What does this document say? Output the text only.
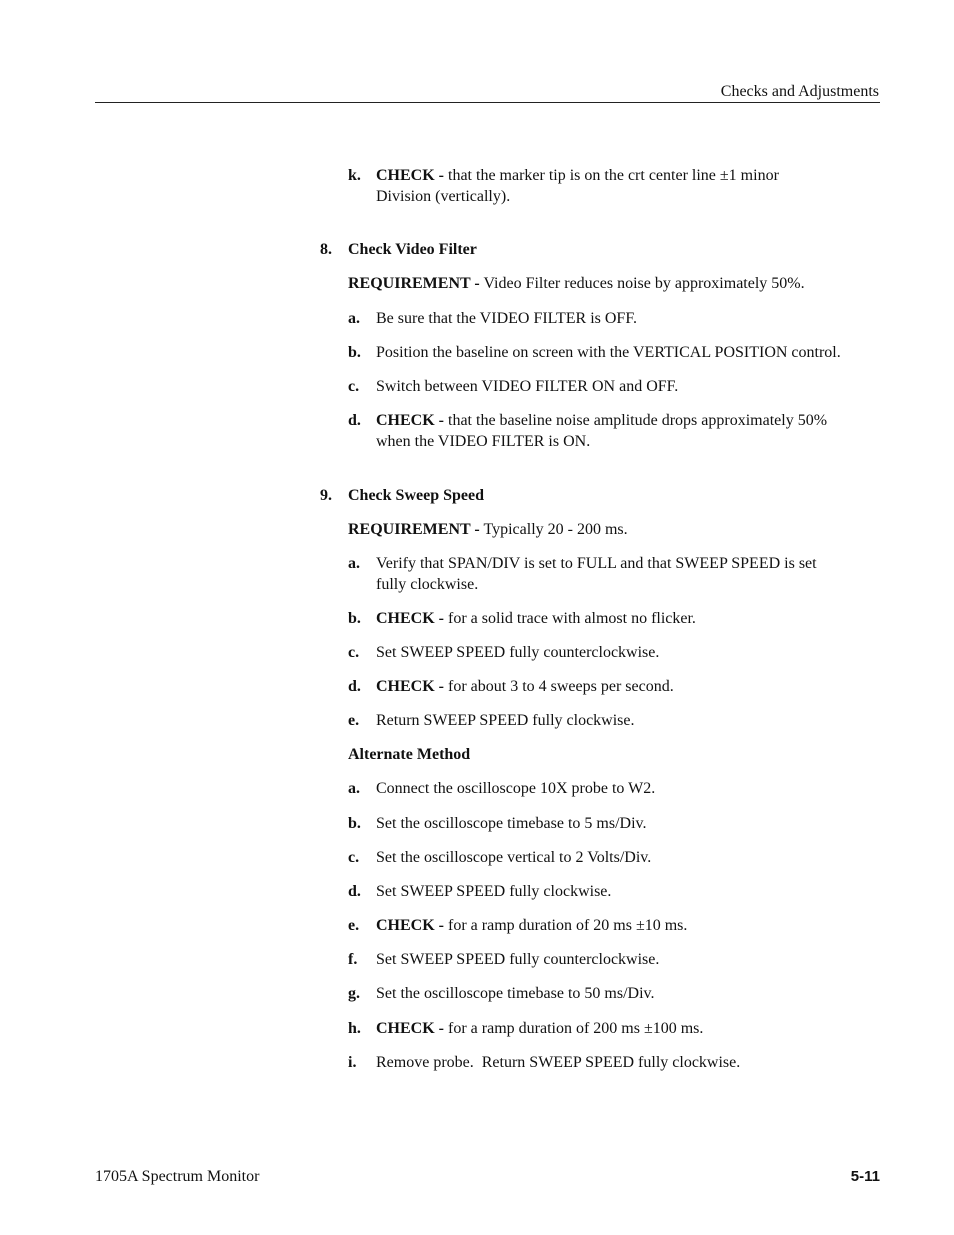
Checks and Adjustments
k. CHECK - that the marker tip is on the crt center line ±1 minor
Division (vertically).
8. Check Video Filter
REQUIREMENT - Video Filter reduces noise by approximately 50%.
a. Be sure that the VIDEO FILTER is OFF.
b. Position the baseline on screen with the VERTICAL POSITION control.
c. Switch between VIDEO FILTER ON and OFF.
d. CHECK - that the baseline noise amplitude drops approximately 50%
when the VIDEO FILTER is ON.
9. Check Sweep Speed
REQUIREMENT - Typically 20 - 200 ms.
a. Verify that SPAN/DIV is set to FULL and that SWEEP SPEED is set
fully clockwise.
b. CHECK - for a solid trace with almost no flicker.
c. Set SWEEP SPEED fully counterclockwise.
d. CHECK - for about 3 to 4 sweeps per second.
e. Return SWEEP SPEED fully clockwise.
Alternate Method
a. Connect the oscilloscope 10X probe to W2.
b. Set the oscilloscope timebase to 5 ms/Div.
c. Set the oscilloscope vertical to 2 Volts/Div.
d. Set SWEEP SPEED fully clockwise.
e. CHECK - for a ramp duration of 20 ms ±10 ms.
f. Set SWEEP SPEED fully counterclockwise.
g. Set the oscilloscope timebase to 50 ms/Div.
h. CHECK - for a ramp duration of 200 ms ±100 ms.
i. Remove probe.  Return SWEEP SPEED fully clockwise.
1705A Spectrum Monitor	5-11
